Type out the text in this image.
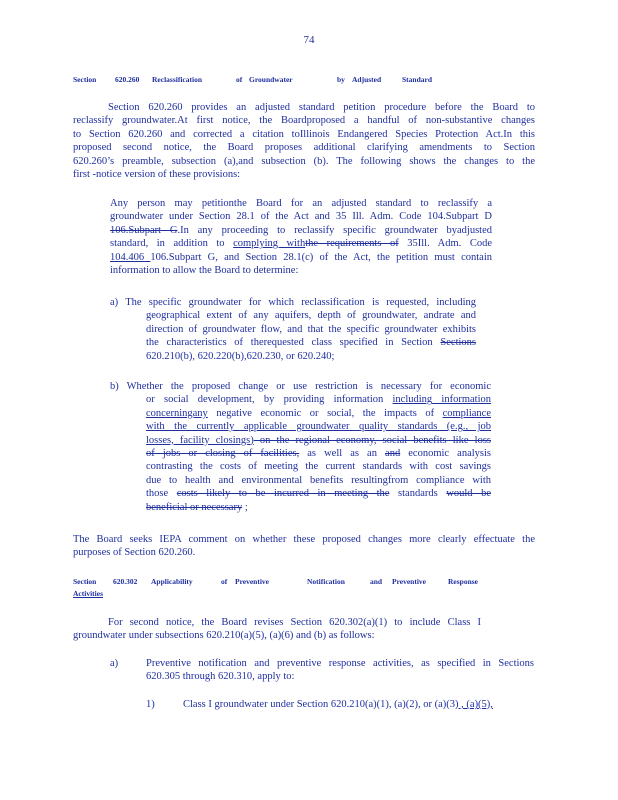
74
Section 620.260 Reclassification	of Groundwater	by Adjusted	Standard
Section 620.260 provides an adjusted standard petition procedure before the Board to
reclassify groundwater.At first notice, the Boardproposed a handful of non-substantive changes
to Section 620.260 and corrected a citation toIllinois Endangered Species Protection Act.In this
proposed second notice, the Board proposes additional clarifying amendments to Section
620.260’s preamble, subsection (a),and subsection (b). The following shows the changes to the
first -notice version of these provisions:
Any person may petitionthe Board for an adjusted standard to reclassify a
groundwater under Section 28.1 of the Act and 35 Ill. Adm. Code 104.Subpart D
106.Subpart G.In any proceeding to reclassify specific groundwater byadjusted
standard, in addition to complying withthe requirements of 35Ill. Adm. Code
104.406 106.Subpart G, and Section 28.1(c) of the Act, the petition must contain
information to allow the Board to determine:
a) The specific groundwater for which reclassification is requested, including
geographical extent of any aquifers, depth of groundwater, andrate and
direction of groundwater flow, and that the specific groundwater exhibits
the characteristics of therequested class specified in Section Sections
620.210(b), 620.220(b),620.230, or 620.240;
b) Whether the proposed change or use restriction is necessary for economic
or social development, by providing information including information
concerningany negative economic or social, the impacts of compliance
with the currently applicable groundwater quality standards (e.g., job
losses, facility closings) on the regional economy, social benefits like loss
of jobs or closing of facilities, as well as an and economic analysis
contrasting the costs of meeting the current standards with cost savings
due to health and environmental benefits resultingfrom compliance with
those costs likely to be incurred in meeting the standards would be
beneficial or necessary ;
The Board seeks IEPA comment on whether these proposed changes more clearly effectuate the
purposes of Section 620.260.
Section 620.302 Applicability	of Preventive	Notification	and Preventive	Response
Activities
For second notice, the Board revises Section 620.302(a)(1) to include Class I
groundwater under subsections 620.210(a)(5), (a)(6) and (b) as follows:
a)	Preventive notification and preventive response activities, as specified in Sections
620.305 through 620.310, apply to:
1)	Class I groundwater under Section 620.210(a)(1), (a)(2), or (a)(3) , (a)(5),
